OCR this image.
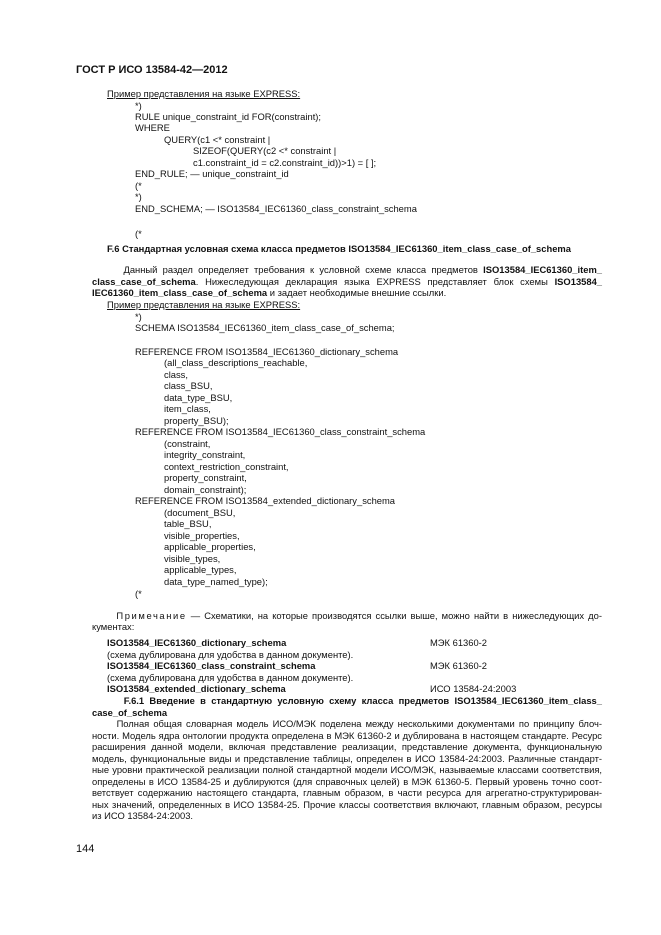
ГОСТ Р ИСО 13584-42—2012
Пример представления на языке EXPRESS:
*)
RULE unique_constraint_id FOR(constraint);
WHERE
QUERY(c1 <* constraint |
SIZEOF(QUERY(c2 <* constraint |
c1.constraint_id = c2.constraint_id))>1) = [ ];
END_RULE; — unique_constraint_id
(*
*)
END_SCHEMA; — ISO13584_IEC61360_class_constraint_schema
(*
F.6 Стандартная условная схема класса предметов ISO13584_IEC61360_item_class_case_of_schema
Данный раздел определяет требования к условной схеме класса предметов ISO13584_IEC61360_item_
class_case_of_schema. Нижеследующая декларация языка EXPRESS представляет блок схемы ISO13584_
IEC61360_item_class_case_of_schema и задает необходимые внешние ссылки.
Пример представления на языке EXPRESS:
*)
SCHEMA ISO13584_IEC61360_item_class_case_of_schema;
REFERENCE FROM ISO13584_IEC61360_dictionary_schema
(all_class_descriptions_reachable,
class,
class_BSU,
data_type_BSU,
item_class,
property_BSU);
REFERENCE FROM ISO13584_IEC61360_class_constraint_schema
(constraint,
integrity_constraint,
context_restriction_constraint,
property_constraint,
domain_constraint);
REFERENCE FROM ISO13584_extended_dictionary_schema
(document_BSU,
table_BSU,
visible_properties,
applicable_properties,
visible_types,
applicable_types,
data_type_named_type);
(*
Примечание — Схематики, на которые производятся ссылки выше, можно найти в нижеследующих до-
кументах:
ISO13584_IEC61360_dictionary_schema	МЭК 61360-2
(схема дублирована для удобства в данном документе).
ISO13584_IEC61360_class_constraint_schema	МЭК 61360-2
(схема дублирована для удобства в данном документе).
ISO13584_extended_dictionary_schema	ИСО 13584-24:2003
F.6.1 Введение в стандартную условную схему класса предметов ISO13584_IEC61360_item_class_
case_of_schema
Полная общая словарная модель ИСО/МЭК поделена между несколькими документами по принципу блоч-
ности. Модель ядра онтологии продукта определена в МЭК 61360-2 и дублирована в настоящем стандарте. Ресурс
расширения данной модели, включая представление реализации, представление документа, функциональную
модель, функциональные виды и представление таблицы, определен в ИСО 13584-24:2003. Различные стандарт-
ные уровни практической реализации полной стандартной модели ИСО/МЭК, называемые классами соответствия,
определены в ИСО 13584-25 и дублируются (для справочных целей) в МЭК 61360-5. Первый уровень точно соот-
ветствует содержанию настоящего стандарта, главным образом, в части ресурса для агрегатно-структурирован-
ных значений, определенных в ИСО 13584-25. Прочие классы соответствия включают, главным образом, ресурсы
из ИСО 13584-24:2003.
144
